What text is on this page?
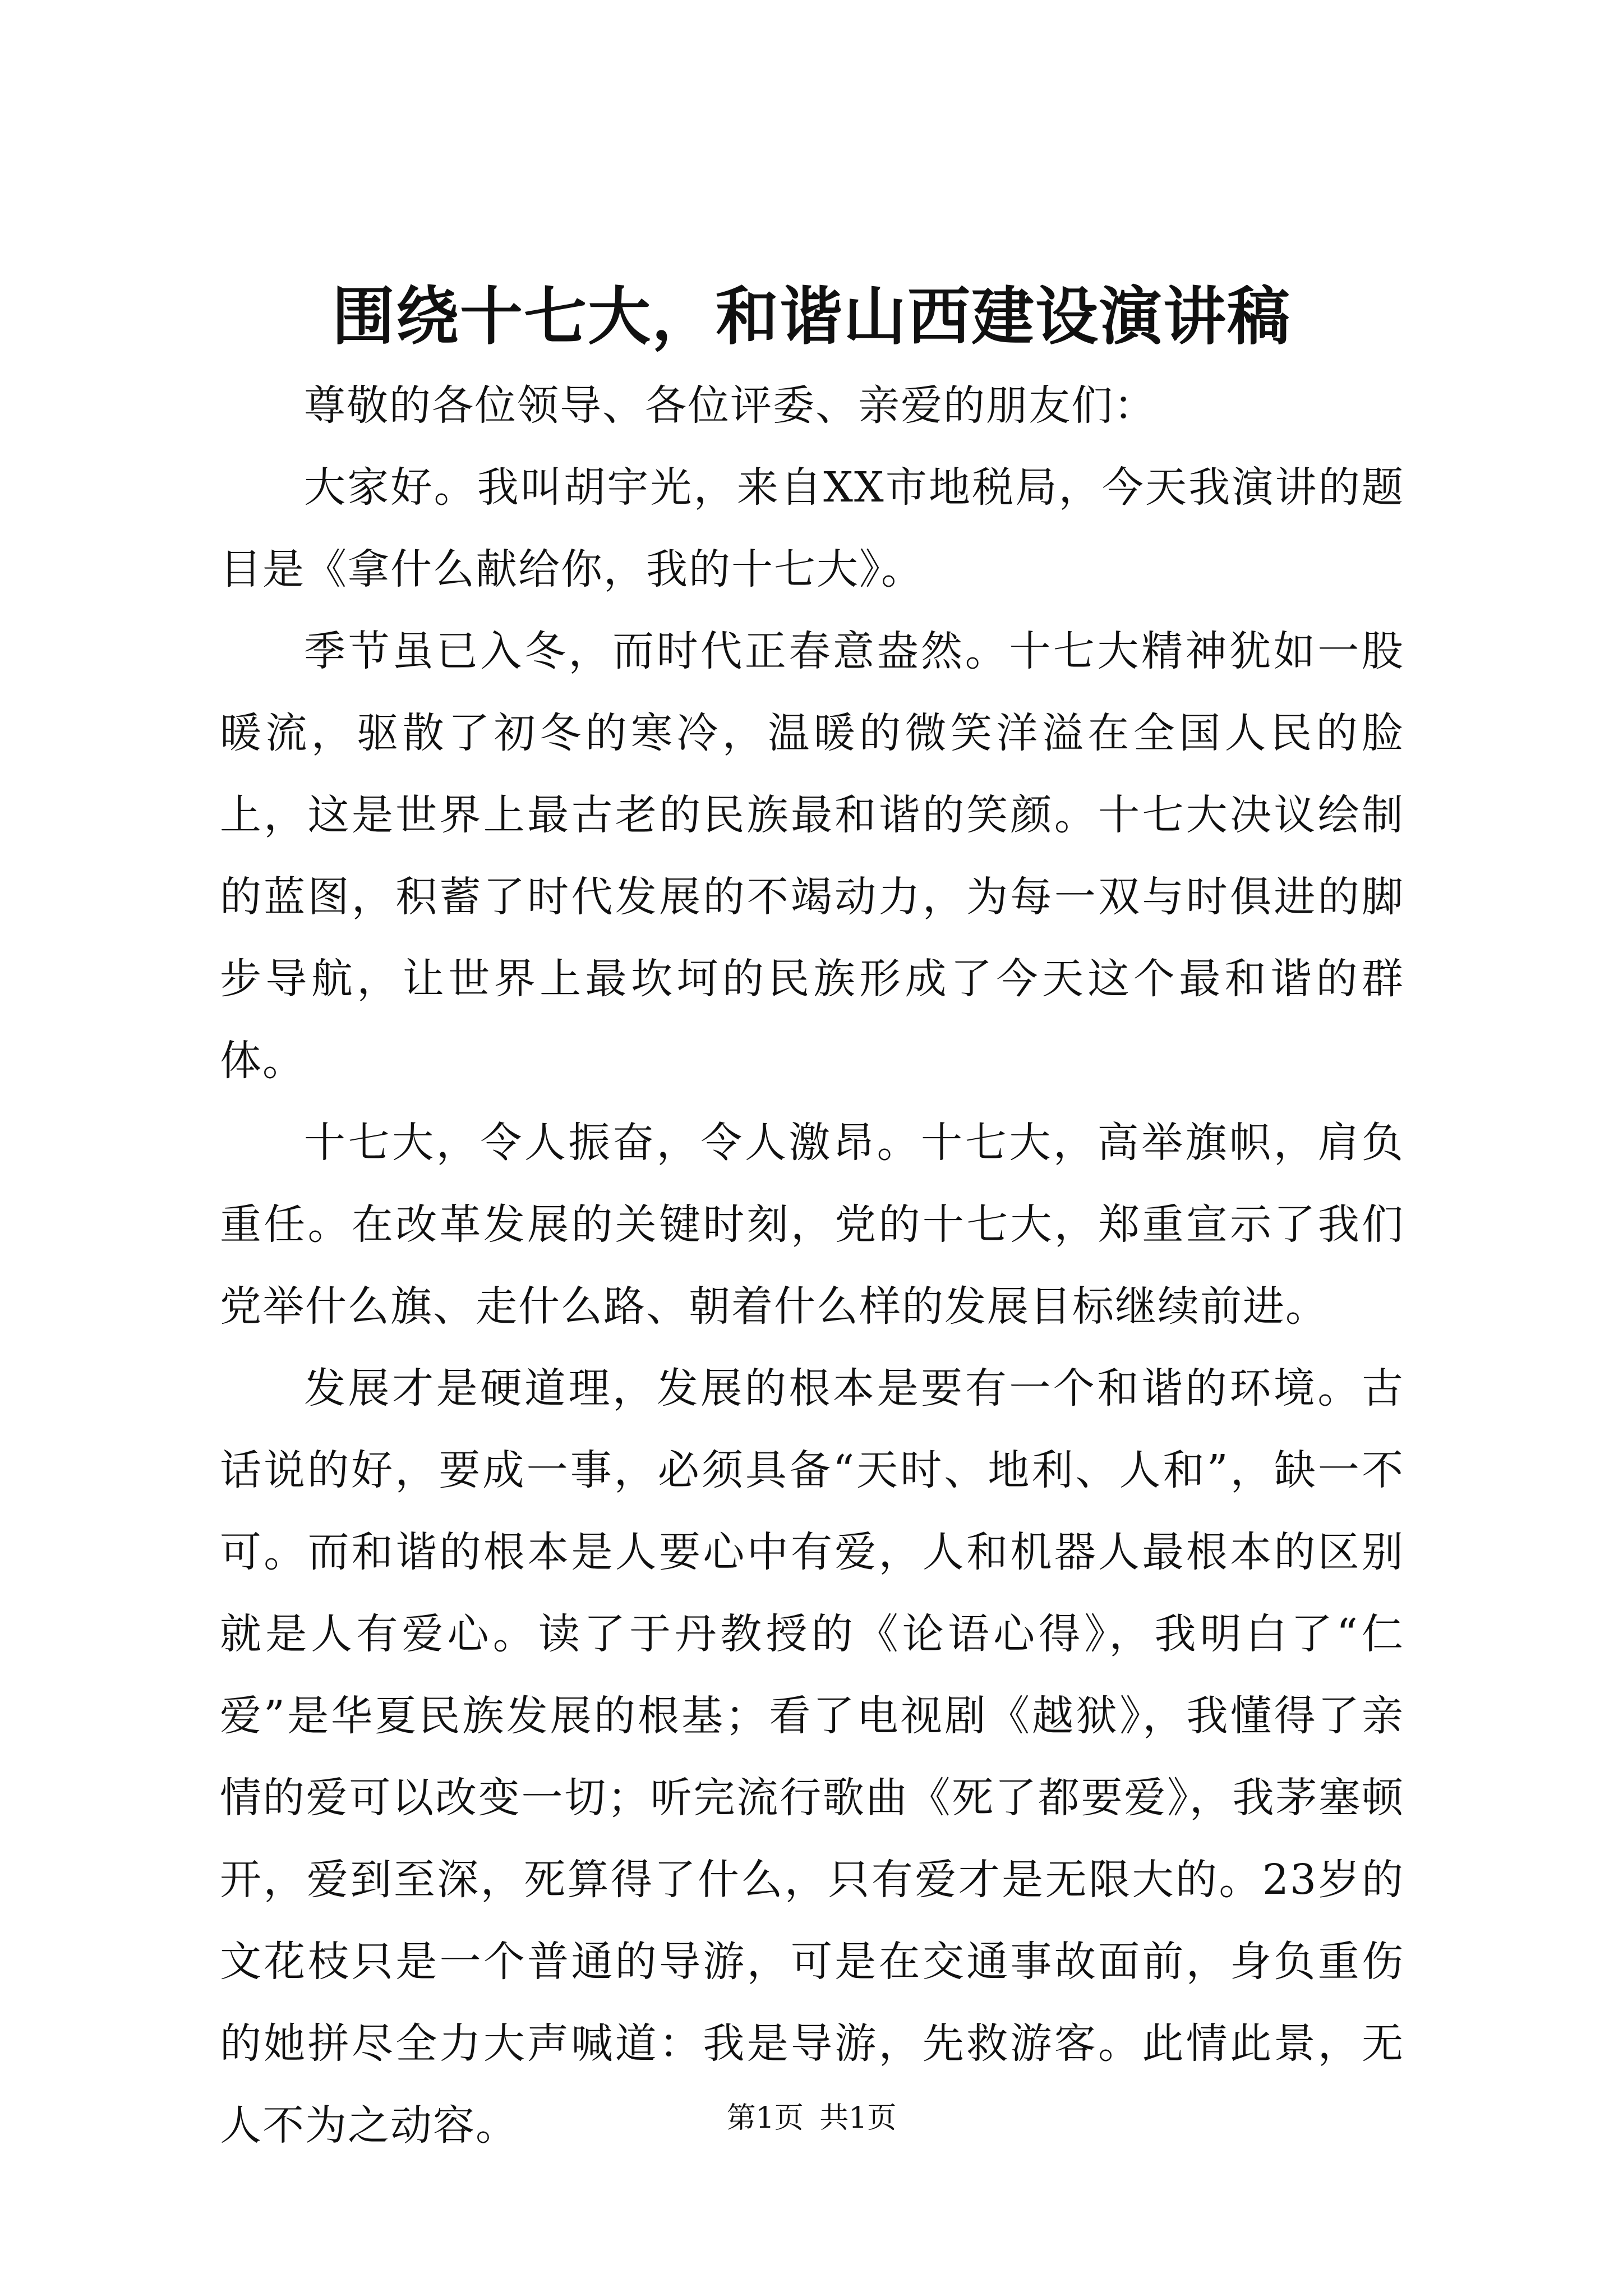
围绕十七大，和谐山西建设演讲稿

尊敬的各位领导、各位评委、亲爱的朋友们：

大家好。我叫胡宇光，来自XX市地税局，今天我演讲的题目是《拿什么献给你，我的十七大》。

季节虽已入冬，而时代正春意盎然。十七大精神犹如一股暖流，驱散了初冬的寒冷，温暖的微笑洋溢在全国人民的脸上，这是世界上最古老的民族最和谐的笑颜。十七大决议绘制的蓝图，积蓄了时代发展的不竭动力，为每一双与时俱进的脚步导航，让世界上最坎坷的民族形成了今天这个最和谐的群体。

十七大，令人振奋，令人激昂。十七大，高举旗帜，肩负重任。在改革发展的关键时刻，党的十七大，郑重宣示了我们党举什么旗、走什么路、朝着什么样的发展目标继续前进。

发展才是硬道理，发展的根本是要有一个和谐的环境。古话说的好，要成一事，必须具备“天时、地利、人和”，缺一不可。而和谐的根本是人要心中有爱，人和机器人最根本的区别就是人有爱心。读了于丹教授的《论语心得》，我明白了“仁爱”是华夏民族发展的根基；看了电视剧《越狱》，我懂得了亲情的爱可以改变一切；听完流行歌曲《死了都要爱》，我茅塞顿开，爱到至深，死算得了什么，只有爱才是无限大的。23岁的文花枝只是一个普通的导游，可是在交通事故面前，身负重伤的她拼尽全力大声喊道：我是导游，先救游客。此情此景，无人不为之动容。	第1页 共1页
